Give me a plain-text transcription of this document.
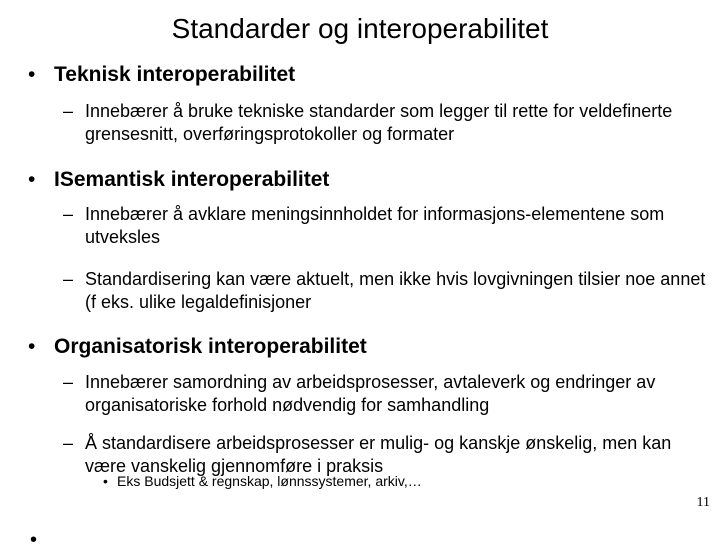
Standarder og interoperabilitet
• Teknisk interoperabilitet
– Innebærer å bruke tekniske standarder som legger til rette for veldefinerte grensesnitt, overføringsprotokoller og formater
• ISemantisk interoperabilitet
– Innebærer å avklare meningsinnholdet for informasjons-elementene som utveksles
– Standardisering kan være aktuelt, men ikke hvis lovgivningen tilsier noe annet (f eks. ulike legaldefinisjoner
• Organisatorisk interoperabilitet
– Innebærer samordning av arbeidsprosesser, avtaleverk og endringer av organisatoriske forhold nødvendig for samhandling
– Å standardisere arbeidsprosesser er mulig- og kanskje ønskelig, men kan være vanskelig gjennomføre i praksis
• Eks Budsjett & regnskap, lønnssystemer, arkiv,…
11
•
